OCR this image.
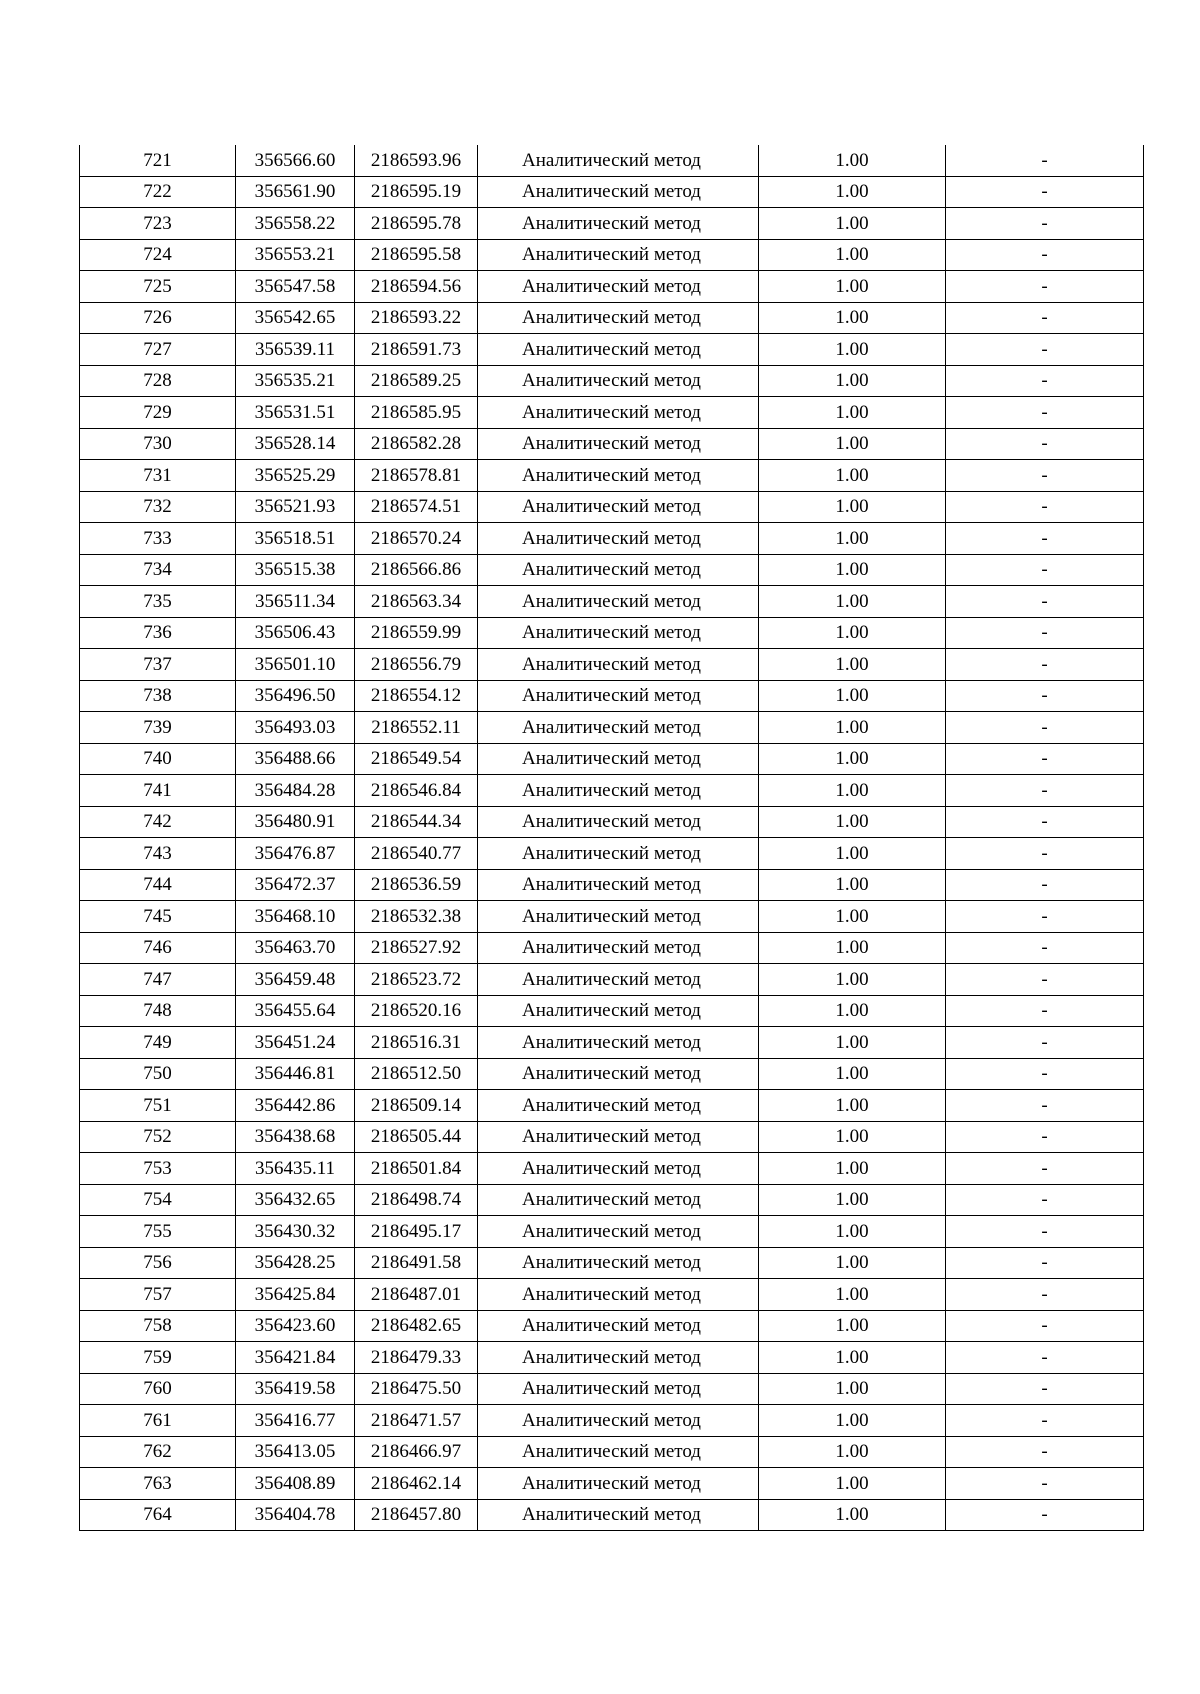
721	356566.60	2186593.96	Аналитический метод	1.00	-
722	356561.90	2186595.19	Аналитический метод	1.00	-
723	356558.22	2186595.78	Аналитический метод	1.00	-
724	356553.21	2186595.58	Аналитический метод	1.00	-
725	356547.58	2186594.56	Аналитический метод	1.00	-
726	356542.65	2186593.22	Аналитический метод	1.00	-
727	356539.11	2186591.73	Аналитический метод	1.00	-
728	356535.21	2186589.25	Аналитический метод	1.00	-
729	356531.51	2186585.95	Аналитический метод	1.00	-
730	356528.14	2186582.28	Аналитический метод	1.00	-
731	356525.29	2186578.81	Аналитический метод	1.00	-
732	356521.93	2186574.51	Аналитический метод	1.00	-
733	356518.51	2186570.24	Аналитический метод	1.00	-
734	356515.38	2186566.86	Аналитический метод	1.00	-
735	356511.34	2186563.34	Аналитический метод	1.00	-
736	356506.43	2186559.99	Аналитический метод	1.00	-
737	356501.10	2186556.79	Аналитический метод	1.00	-
738	356496.50	2186554.12	Аналитический метод	1.00	-
739	356493.03	2186552.11	Аналитический метод	1.00	-
740	356488.66	2186549.54	Аналитический метод	1.00	-
741	356484.28	2186546.84	Аналитический метод	1.00	-
742	356480.91	2186544.34	Аналитический метод	1.00	-
743	356476.87	2186540.77	Аналитический метод	1.00	-
744	356472.37	2186536.59	Аналитический метод	1.00	-
745	356468.10	2186532.38	Аналитический метод	1.00	-
746	356463.70	2186527.92	Аналитический метод	1.00	-
747	356459.48	2186523.72	Аналитический метод	1.00	-
748	356455.64	2186520.16	Аналитический метод	1.00	-
749	356451.24	2186516.31	Аналитический метод	1.00	-
750	356446.81	2186512.50	Аналитический метод	1.00	-
751	356442.86	2186509.14	Аналитический метод	1.00	-
752	356438.68	2186505.44	Аналитический метод	1.00	-
753	356435.11	2186501.84	Аналитический метод	1.00	-
754	356432.65	2186498.74	Аналитический метод	1.00	-
755	356430.32	2186495.17	Аналитический метод	1.00	-
756	356428.25	2186491.58	Аналитический метод	1.00	-
757	356425.84	2186487.01	Аналитический метод	1.00	-
758	356423.60	2186482.65	Аналитический метод	1.00	-
759	356421.84	2186479.33	Аналитический метод	1.00	-
760	356419.58	2186475.50	Аналитический метод	1.00	-
761	356416.77	2186471.57	Аналитический метод	1.00	-
762	356413.05	2186466.97	Аналитический метод	1.00	-
763	356408.89	2186462.14	Аналитический метод	1.00	-
764	356404.78	2186457.80	Аналитический метод	1.00	-
